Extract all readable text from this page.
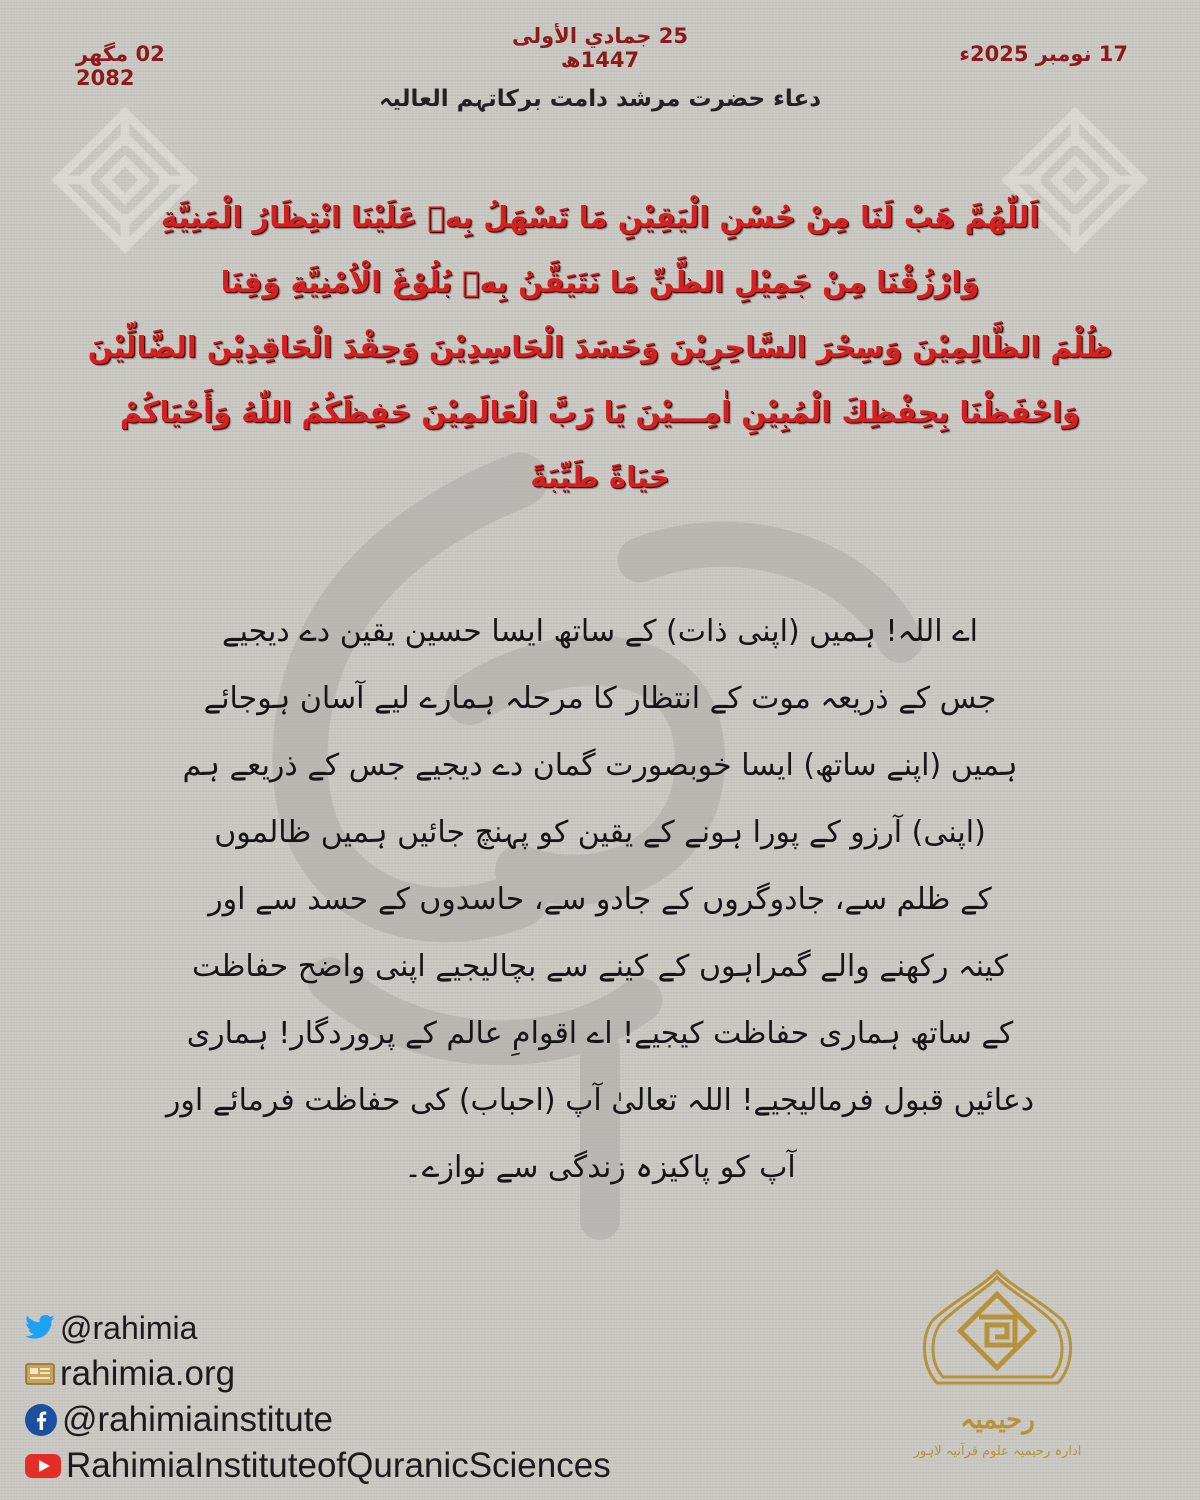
17 نومبر 2025ء
25 جمادي الأولى 1447ھ
02 مگھر 2082
دعاء حضرت مرشد دامت برکاتہم العالیہ
اَللّٰهُمَّ هَبْ لَنَا مِنْ حُسْنِ الْيَقِيْنِ مَا تَسْهَلُ بِهٖ عَلَيْنَا انْتِظَارُ الْمَنِيَّةِ
وَارْزُقْنَا مِنْ جَمِيْلِ الظَّنِّ مَا نَتَيَقَّنُ بِهٖ بُلُوْغَ الْاُمْنِيَّةِ وَقِنَا
ظُلْمَ الظَّالِمِيْنَ وَسِحْرَ السَّاحِرِيْنَ وَحَسَدَ الْحَاسِدِيْنَ وَحِقْدَ الْحَاقِدِيْنَ الضَّالِّيْنَ
وَاحْفَظْنَا بِحِفْظِكَ الْمُبِيْنِ اٰمِـــيْنَ يَا رَبَّ الْعَالَمِيْنَ حَفِظَكُمُ اللّٰهُ وَأَحْيَاكُمْ
حَيَاةً طَيِّبَةً
اے اللہ! ہمیں (اپنی ذات) کے ساتھ ایسا حسین یقین دے دیجیے
جس کے ذریعہ موت کے انتظار کا مرحلہ ہمارے لیے آسان ہوجائے
ہمیں (اپنے ساتھ) ایسا خوبصورت گمان دے دیجیے جس کے ذریعے ہم
(اپنی) آرزو کے پورا ہونے کے یقین کو پہنچ جائیں ہمیں ظالموں
کے ظلم سے، جادوگروں کے جادو سے، حاسدوں کے حسد سے اور
کینہ رکھنے والے گمراہوں کے کینے سے بچالیجیے اپنی واضح حفاظت
کے ساتھ ہماری حفاظت کیجیے! اے اقوامِ عالم کے پروردگار! ہماری
دعائیں قبول فرمالیجیے! اللہ تعالیٰ آپ (احباب) کی حفاظت فرمائے اور
آپ کو پاکیزہ زندگی سے نوازے۔
@rahimia
rahimia.org
@rahimiainstitute
RahimiaInstituteofQuranicSciences
رحیمیہ
ادارہ رحیمیہ علوم قرآنیہ لاہور
